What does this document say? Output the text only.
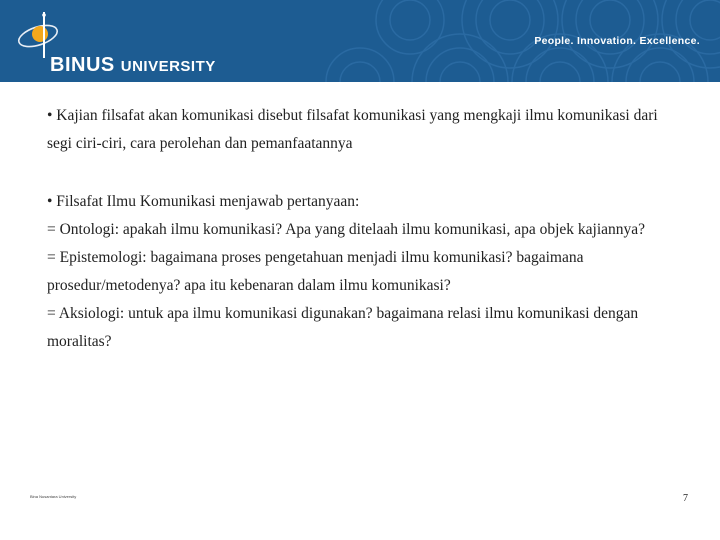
BINUS UNIVERSITY
People. Innovation. Excellence.

• Kajian filsafat akan komunikasi disebut filsafat komunikasi yang mengkaji ilmu komunikasi dari segi ciri-ciri, cara perolehan dan pemanfaatannya

• Filsafat Ilmu Komunikasi menjawab pertanyaan:

= Ontologi: apakah ilmu komunikasi? Apa yang ditelaah ilmu komunikasi, apa objek kajiannya?

= Epistemologi: bagaimana proses pengetahuan menjadi ilmu komunikasi? bagaimana prosedur/metodenya? apa itu kebenaran dalam ilmu komunikasi?

= Aksiologi: untuk apa ilmu komunikasi digunakan? bagaimana relasi ilmu komunikasi dengan moralitas?

Bina Nusantara University	7
